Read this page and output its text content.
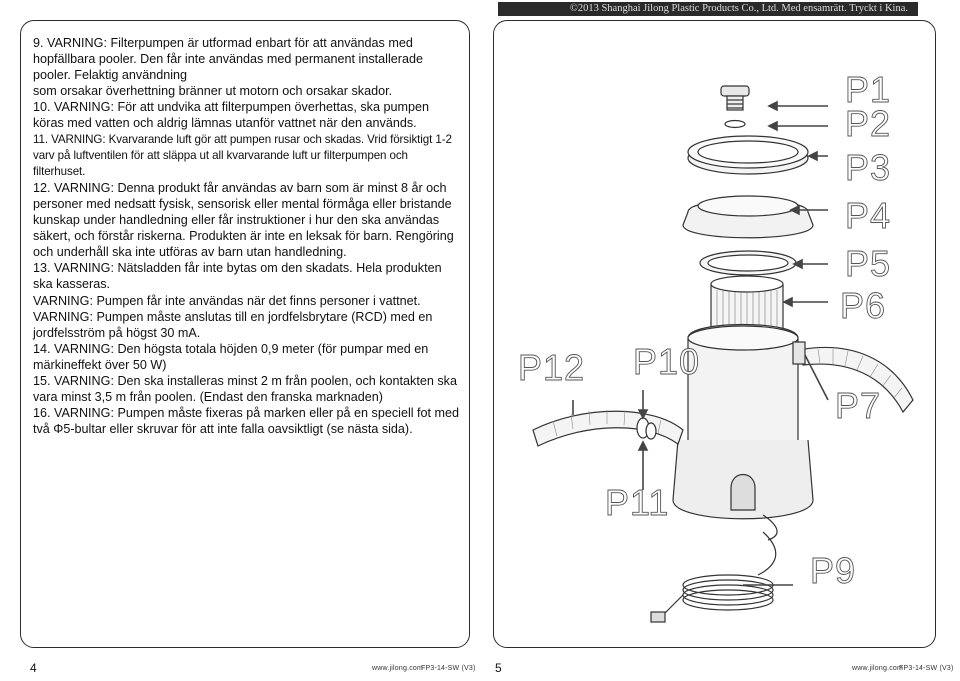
©2013 Shanghai Jilong Plastic Products Co., Ltd. Med ensamrätt. Tryckt i Kina.

9. VARNING: Filterpumpen är utformad enbart för att användas med hopfällbara pooler. Den får inte användas med permanent installerade pooler. Felaktig användning

som orsakar överhettning bränner ut motorn och orsakar skador.

10. VARNING: För att undvika att filterpumpen överhettas, ska pumpen köras med vatten och aldrig lämnas utanför vattnet när den används.

11. VARNING: Kvarvarande luft gör att pumpen rusar och skadas. Vrid försiktigt 1-2 varv på luftventilen för att släppa ut all kvarvarande luft ur filterpumpen och filterhuset.

12. VARNING: Denna produkt får användas av barn som är minst 8 år och personer med nedsatt fysisk, sensorisk eller mental förmåga eller bristande kunskap under handledning eller får instruktioner i hur den ska användas säkert, och förstår riskerna. Produkten är inte en leksak för barn. Rengöring och underhåll ska inte utföras av barn utan handledning.

13. VARNING: Nätsladden får inte bytas om den skadats. Hela produkten ska kasseras.

VARNING: Pumpen får inte användas när det finns personer i vattnet.

VARNING: Pumpen måste anslutas till en jordfelsbrytare (RCD) med en jordfelsström på högst 30 mA.

14. VARNING: Den högsta totala höjden 0,9 meter (för pumpar med en märkineffekt över 50 W)

15. VARNING: Den ska installeras minst 2 m från poolen, och kontakten ska vara minst 3,5 m från poolen. (Endast den franska marknaden)

16. VARNING: Pumpen måste fixeras på marken eller på en speciell fot med två Φ5-bultar eller skruvar för att inte falla oavsiktligt (se nästa sida).

P1
P2
P3
P4
P5
P6
P7
P9
P10
P11
P12
4	www.jilong.com
FP3-14-SW (V3) 5	www.jilong.com
FP3-14-SW (V3)
